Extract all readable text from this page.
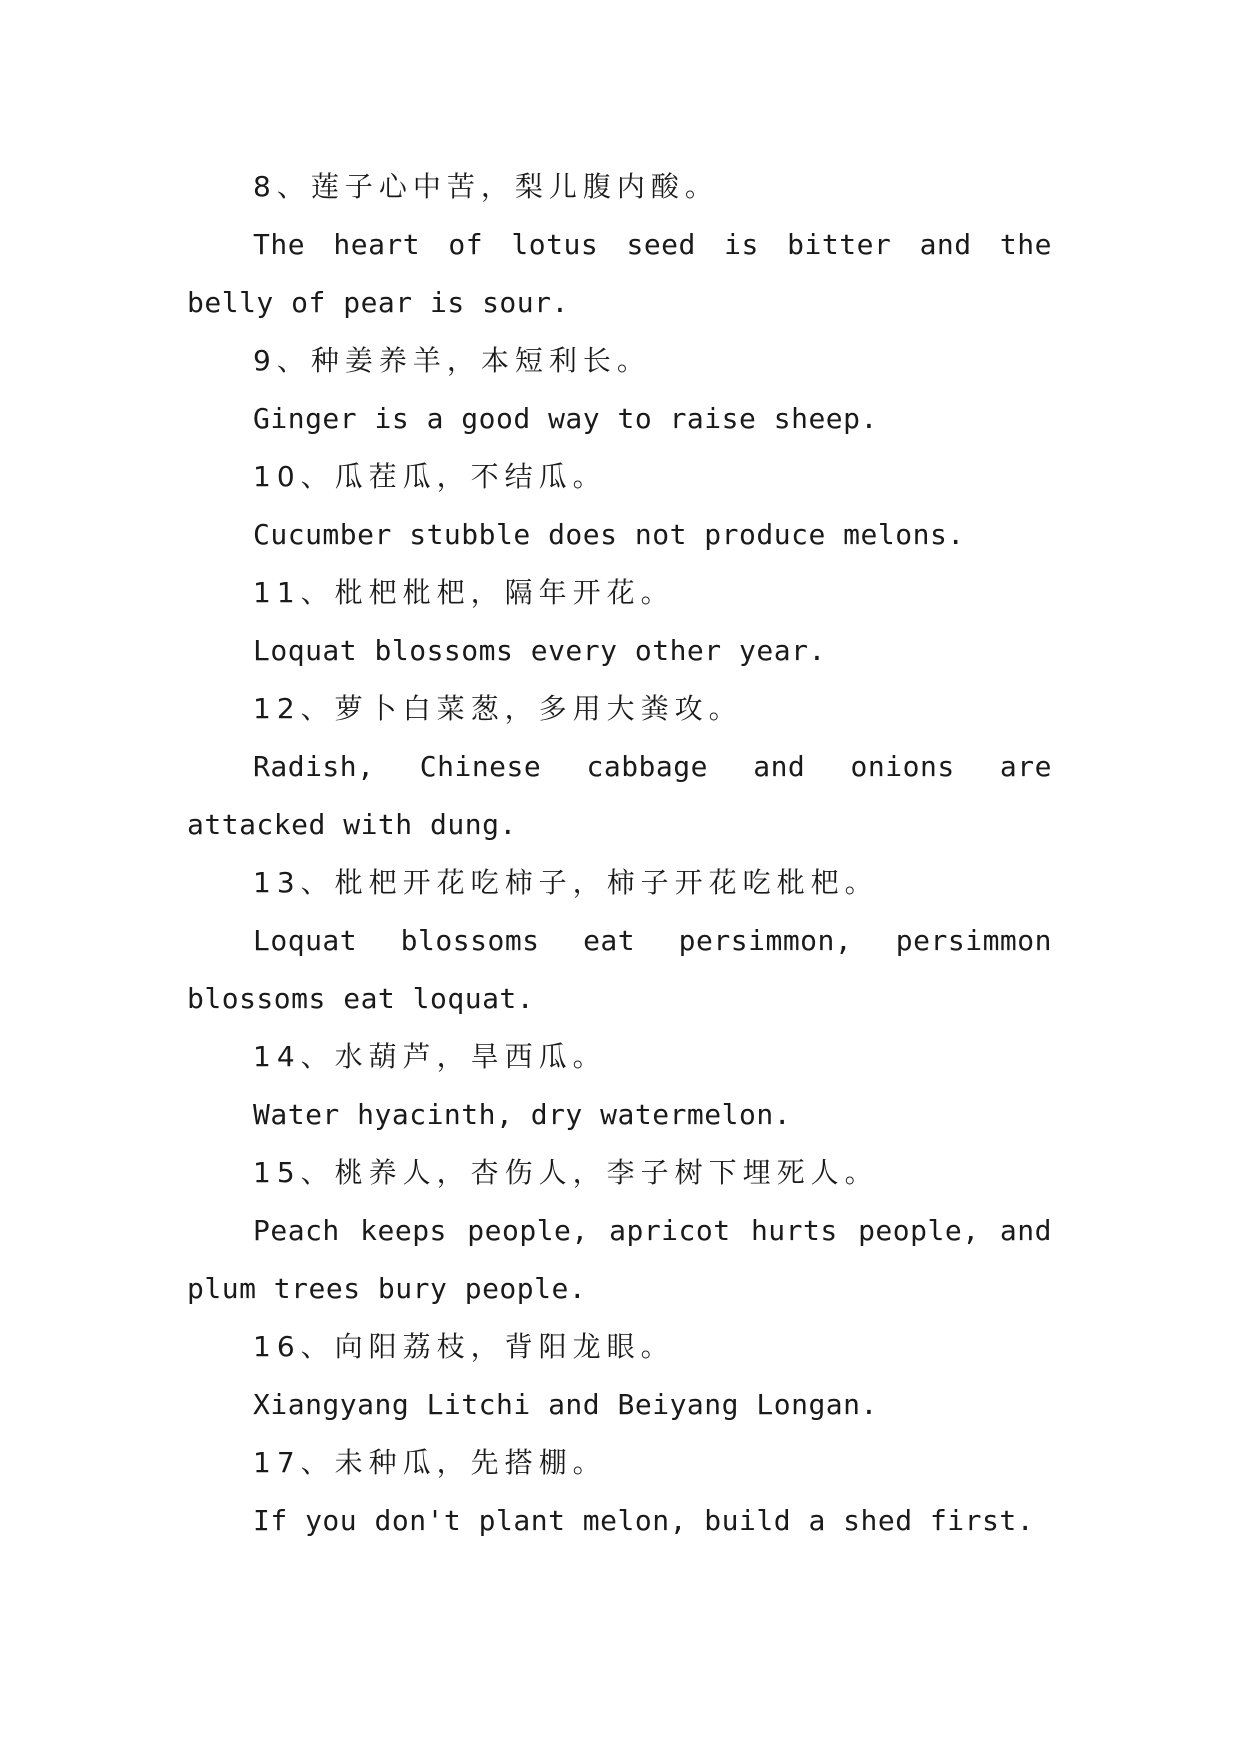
8、莲子心中苦，梨儿腹内酸。

The heart of lotus seed is bitter and the belly of pear is sour.

9、种姜养羊，本短利长。

Ginger is a good way to raise sheep.

10、瓜茬瓜，不结瓜。

Cucumber stubble does not produce melons.

11、枇杷枇杷，隔年开花。

Loquat blossoms every other year.

12、萝卜白菜葱，多用大粪攻。

Radish, Chinese cabbage and onions are attacked with dung.

13、枇杷开花吃柿子，柿子开花吃枇杷。

Loquat blossoms eat persimmon, persimmon blossoms eat loquat.

14、水葫芦，旱西瓜。

Water hyacinth, dry watermelon.

15、桃养人，杏伤人，李子树下埋死人。

Peach keeps people, apricot hurts people, and plum trees bury people.

16、向阳荔枝，背阳龙眼。

Xiangyang Litchi and Beiyang Longan.

17、未种瓜，先搭棚。

If you don't plant melon, build a shed first.
